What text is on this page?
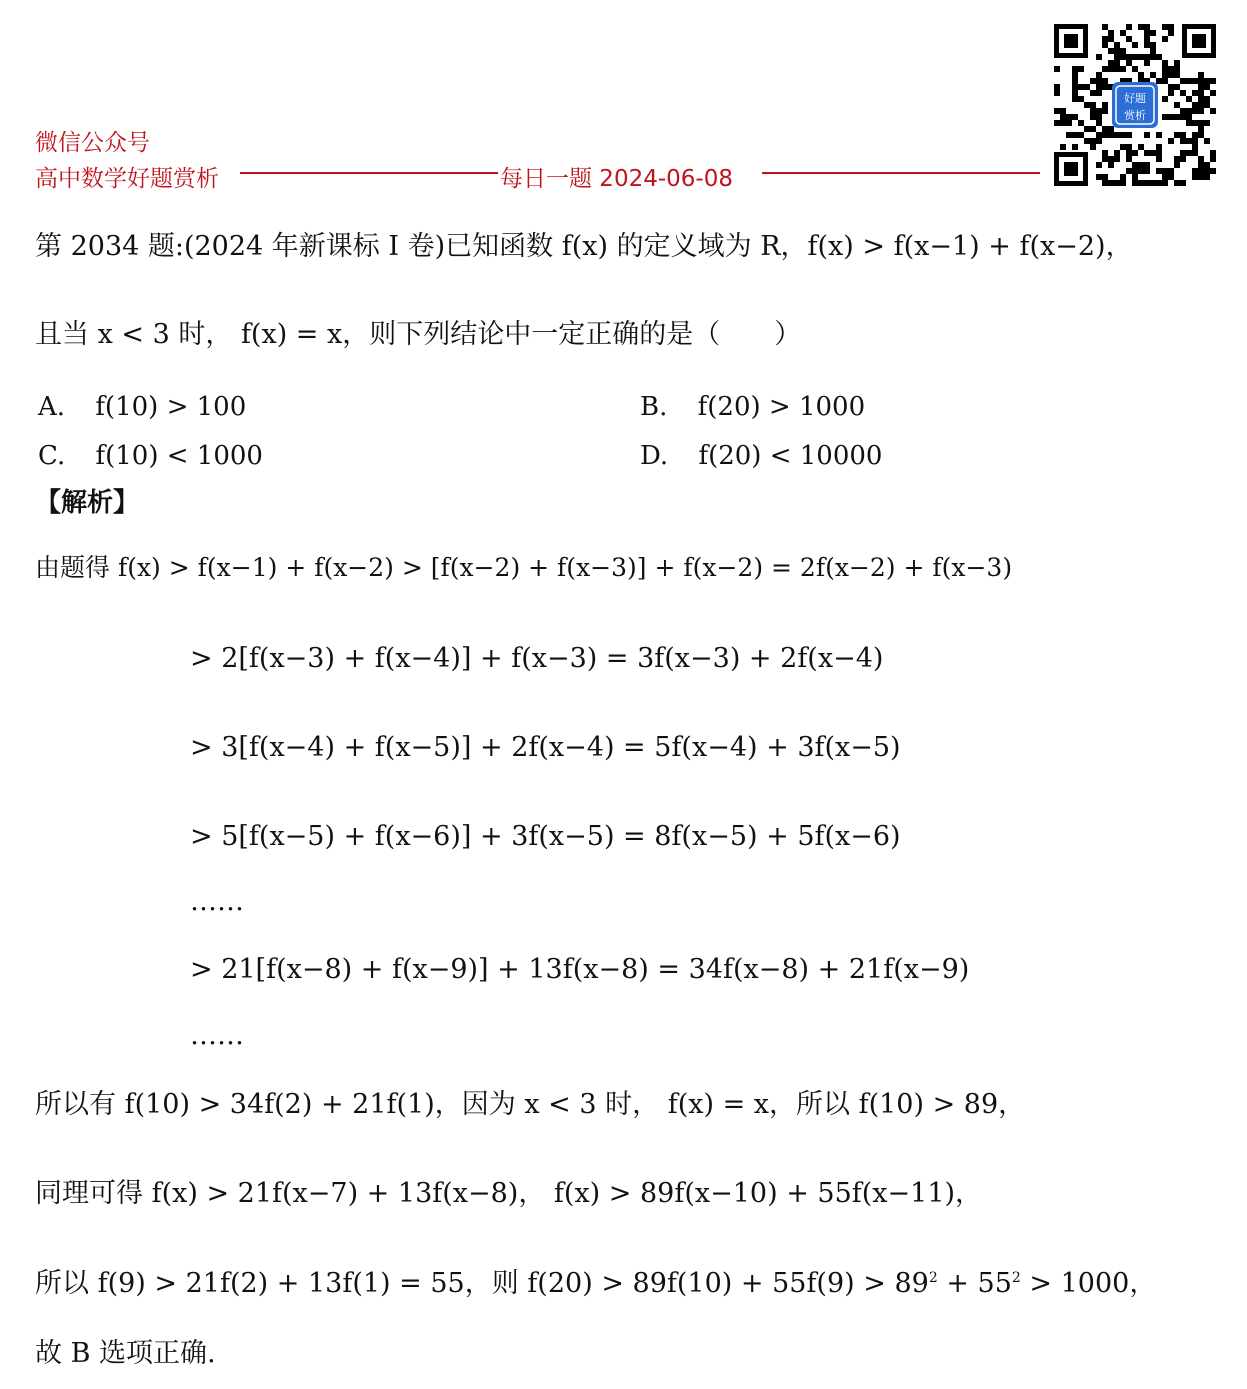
微信公众号
高中数学好题赏析	每日一题 2024-06-08
好题
赏析
第 2034 题:(2024 年新课标 I 卷)已知函数 f(x) 的定义域为 R，f(x) > f(x−1) + f(x−2)，
且当 x < 3 时， f(x) = x，则下列结论中一定正确的是（　　）
A. f(10) > 100	B. f(20) > 1000
C. f(10) < 1000	D. f(20) < 10000
【解析】
由题得 f(x) > f(x−1) + f(x−2) > [f(x−2) + f(x−3)] + f(x−2) = 2f(x−2) + f(x−3)
> 2[f(x−3) + f(x−4)] + f(x−3) = 3f(x−3) + 2f(x−4)
> 3[f(x−4) + f(x−5)] + 2f(x−4) = 5f(x−4) + 3f(x−5)
> 5[f(x−5) + f(x−6)] + 3f(x−5) = 8f(x−5) + 5f(x−6)
……
> 21[f(x−8) + f(x−9)] + 13f(x−8) = 34f(x−8) + 21f(x−9)
……
所以有 f(10) > 34f(2) + 21f(1)，因为 x < 3 时， f(x) = x，所以 f(10) > 89，
同理可得 f(x) > 21f(x−7) + 13f(x−8)， f(x) > 89f(x−10) + 55f(x−11)，
所以 f(9) > 21f(2) + 13f(1) = 55，则 $f(20) > 89f(10) + 55f(9) > 89^2 + 55^2 > 1000$，
故 B 选项正确.
